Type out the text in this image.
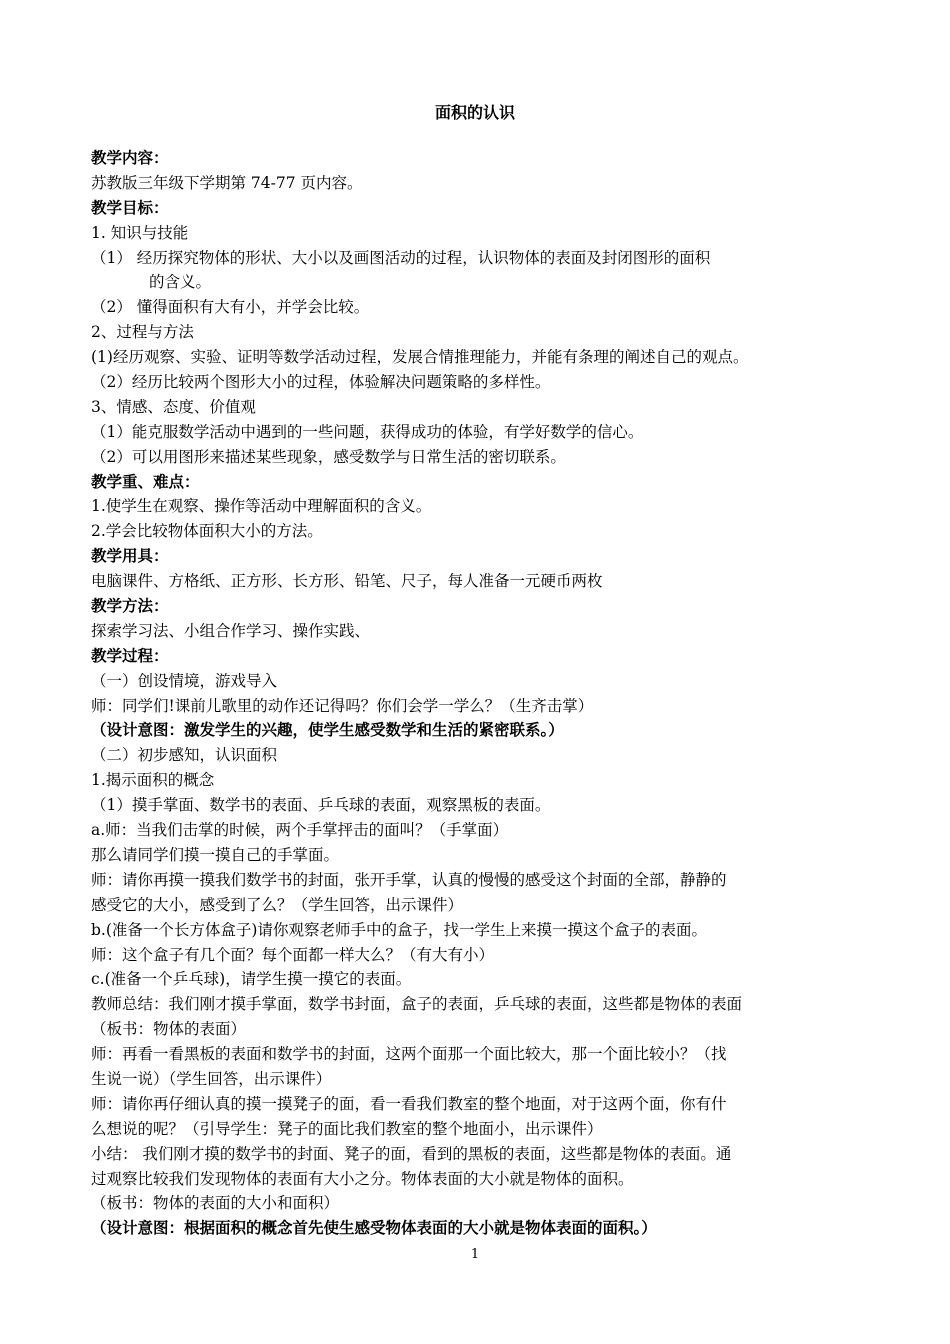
面积的认识
教学内容：
苏教版三年级下学期第 74-77 页内容。
教学目标：
1. 知识与技能
（1） 经历探究物体的形状、大小以及画图活动的过程，认识物体的表面及封闭图形的面积
的含义。
（2） 懂得面积有大有小，并学会比较。
2、过程与方法
(1)经历观察、实验、证明等数学活动过程，发展合情推理能力，并能有条理的阐述自己的观点。
（2）经历比较两个图形大小的过程，体验解决问题策略的多样性。
3、情感、态度、价值观
（1）能克服数学活动中遇到的一些问题，获得成功的体验，有学好数学的信心。
（2）可以用图形来描述某些现象，感受数学与日常生活的密切联系。
教学重、难点：
1.使学生在观察、操作等活动中理解面积的含义。
2.学会比较物体面积大小的方法。
教学用具：
电脑课件、方格纸、正方形、长方形、铅笔、尺子，每人准备一元硬币两枚
教学方法：
探索学习法、小组合作学习、操作实践、
教学过程：
（一）创设情境，游戏导入
师：同学们!课前儿歌里的动作还记得吗？你们会学一学么？（生齐击掌）
（设计意图：激发学生的兴趣，使学生感受数学和生活的紧密联系。）
（二）初步感知，认识面积
1.揭示面积的概念
（1）摸手掌面、数学书的表面、乒乓球的表面，观察黑板的表面。
a.师：当我们击掌的时候，两个手掌抨击的面叫？（手掌面）
那么请同学们摸一摸自己的手掌面。
师：请你再摸一摸我们数学书的封面，张开手掌，认真的慢慢的感受这个封面的全部，静静的
感受它的大小，感受到了么？（学生回答，出示课件）
b.(准备一个长方体盒子)请你观察老师手中的盒子，找一学生上来摸一摸这个盒子的表面。
师：这个盒子有几个面？每个面都一样大么？（有大有小）
c.(准备一个乒乓球)，请学生摸一摸它的表面。
教师总结：我们刚才摸手掌面，数学书封面，盒子的表面，乒乓球的表面，这些都是物体的表面
（板书：物体的表面）
师：再看一看黑板的表面和数学书的封面，这两个面那一个面比较大，那一个面比较小？（找
生说一说）（学生回答，出示课件）
师：请你再仔细认真的摸一摸凳子的面，看一看我们教室的整个地面，对于这两个面，你有什
么想说的呢？（引导学生：凳子的面比我们教室的整个地面小，出示课件）
小结： 我们刚才摸的数学书的封面、凳子的面，看到的黑板的表面，这些都是物体的表面。通
过观察比较我们发现物体的表面有大小之分。物体表面的大小就是物体的面积。
（板书：物体的表面的大小和面积）
（设计意图：根据面积的概念首先使生感受物体表面的大小就是物体表面的面积。）
1
